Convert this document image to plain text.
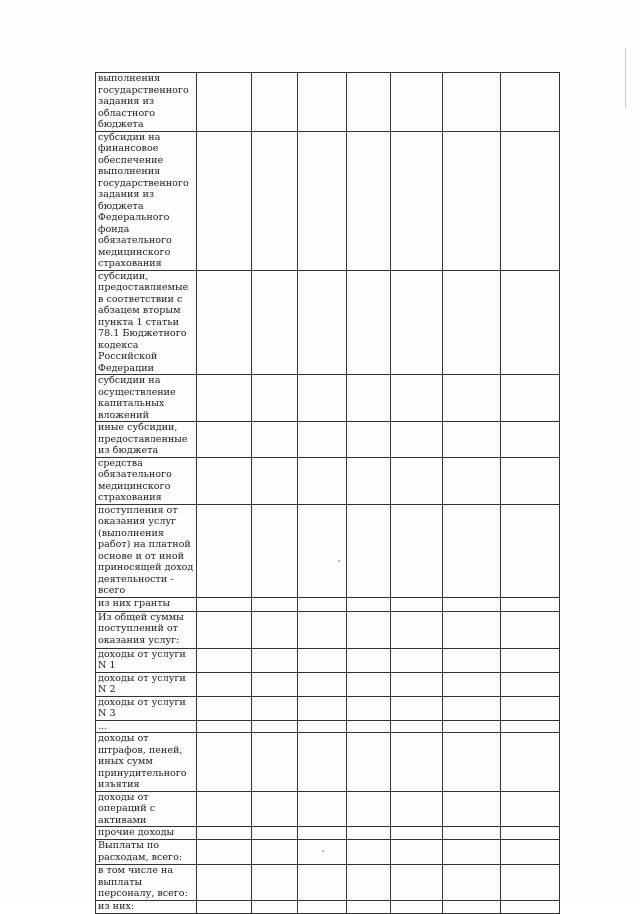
выполнения государственного задания из областного бюджета							
субсидии на финансовое обеспечение выполнения государственного задания из бюджета Федерального фонда обязательного медицинского страхования							
субсидии, предоставляемые в соответствии с абзацем вторым пункта 1 статьи 78.1 Бюджетного кодекса Российской Федерации							
субсидии на осуществление капитальных вложений							
иные субсидии, предоставленные из бюджета							
средства обязательного медицинского страхования							
поступления от оказания услуг (выполнения работ) на платной основе и от иной приносящей доход деятельности - всего							
из них гранты							
Из общей суммы поступлений от оказания услуг:							
доходы от услуги N 1							
доходы от услуги N 2							
доходы от услуги N 3							
...							
доходы от штрафов, пеней, иных сумм принудительного изъятия							
доходы от операций с активами							
прочие доходы							
Выплаты по расходам, всего:							
в том числе на выплаты персоналу, всего:							
из них:							
